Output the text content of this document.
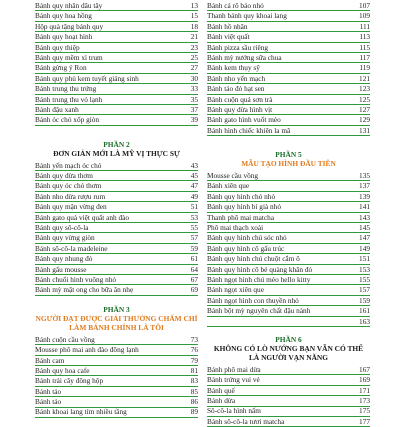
Bánh quy nhân dâu tây	13
Bánh quy hoa hồng	15
Hộp quà tặng bánh quy	18
Bánh quy hoạt hình	21
Bánh quy thiệp	23
Bánh quy mềm xì trum	25
Bánh gừng ý Ron	27
Bánh quy phủ kem tuyết giáng sinh	30
Bánh trung thu trứng	33
Bánh trung thu vỏ lạnh	35
Bánh đậu xanh	37
Bánh óc chó xốp giòn	39
PHẦN 2
ĐƠN GIẢN MỚI LÀ MỸ VỊ THỰC SỰ
Bánh yến mạch óc chó	43
Bánh quy dừa thơm	45
Bánh quy óc chó thơm	47
Bánh nho dừa rượu rum	49
Bánh quy mận vừng đen	51
Bánh gato quả việt quất anh đào	53
Bánh quy sô-cô-la	55
Bánh quy vừng giòn	57
Bánh sô-cô-la madeleine	59
Bánh quy nhung đỏ	61
Bánh gấu mousse	64
Bánh chuối hình vuông nhỏ	67
Bánh mỳ mật ong cho bữa ăn nhẹ	69
PHẦN 3
NGƯỜI ĐẠT ĐƯỢC GIẢI THƯỞNG CHẤM CHỈ
LÀM BÁNH CHÍNH LÀ TÔI
Bánh cuộn cầu vồng	73
Mousse phô mai anh đào đông lạnh	76
Bánh cam	79
Bánh quy hoa cafe	81
Bánh trái cây đông hộp	83
Bánh tảo	85
Bánh táo	86
Bánh khoai lang tím nhiều tầng	89
Bánh cá rô bảo nhỏ	107
Thanh bánh quy khoai lang	109
Bánh hồ nhãn	111
Bánh việt quất	113
Bánh pizza sầu riêng	115
Bánh mỳ nướng sữa chua	117
Bánh kem thụy sỹ	119
Bánh nho yến mạch	121
Bánh táo đỏ hạt sen	123
Bánh cuộn quả sơn trà	125
Bánh quy dừa hình vịt	127
Bánh gato hình vuốt mèo	129
Bánh hình chiếc khiên la mã	131
PHẦN 5
MẪU TẠO HÌNH ĐẦU TIÊN
Mousse cầu vồng	135
Bánh xiên que	137
Bánh quy hình chó nhỏ	139
Bánh quy hình bí già nhỏ	141
Thanh phô mai matcha	143
Phô mai thạch xoài	145
Bánh quy hình chú sóc nhỏ	147
Bánh quy hình cô gấu trúc	149
Bánh quy hình chú chuột cắm ô	151
Bánh quy hình cô bé quàng khăn đỏ	153
Bánh ngọt hình chú mèo hello kitty	155
Bánh ngọt xiên que	157
Bánh ngọt hình con thuyền nhỏ	159
Bánh bột mỳ nguyên chất đậu nành	161
163
PHẦN 6
KHÔNG CÓ LÒ NƯỚNG BẠN VẪN CÓ THỂ
LÀ NGƯỜI VẠN NĂNG
Bánh phô mai dừa	167
Bánh trứng vui vẻ	169
Bánh quế	171
Bánh dừa	173
Sô-cô-la hình nấm	175
Bánh sô-cô-la tươi matcha	177
